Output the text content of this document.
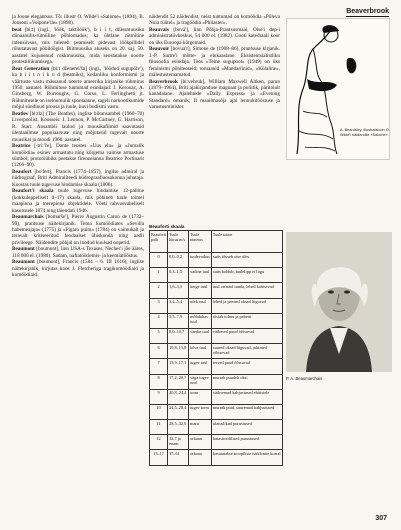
Beaverbrook

ja Joone elegantsus. Tõ: illustr O. Wilde'i «Salome» (1894), B. Jonsoni «Volpone'ile» (1898).

beat [bi:t] (ingl., 'löök, taktilöök'), b i i t, džässmuusika dünaamilis-rütmiline põhiomadus; ka ühtlane rütmiline intensiivsus, mis tuleneb peamiselt pidevast löökpillidel rõhutatavast põhilöögist. Biitmuusika aluseks on 20. saj. 50. aastatel kujunenud rokkmuusika, mida seostatakse noorte protestiliikumisega.

Beat Generation [bi:t dženerei'šn] (ingl., 'löödud sugupõlv'), ka b i i t n i k u d (beatniks), kodanliku konformismi ja väärtuste vastu mässanud noorte ameerika kirjanike rühmitus 1950. aastatel. Rühmituse tuntumad esindajad: J. Kerouac, A. Ginsberg, W. Burroughs, G. Corso, L. Ferlinghetti jt. Rühmitusele on iseloomulik spontaanne, sageli narkootikumide mõjul sündinud proosa ja luule, huvi budismi vastu.

Beatles [bi:tlz] (The Beatles), inglise biitansambel (1960–70) Liverpoolist. Koosseis: J. Lennon, P. McCartney, G. Harrison, R. Starr. Ansambli laulud ja muusikafilmid saavutasid ülemaailmse populaarsuse ning mõjutasid tugevalt noorte muusikat ja moodi 1960. aastatel.

Beatrice [-tri:'če], Dante teostes «Uus elu» ja «Jumalik komöödia» esinev armastatu ning kõrgema vaimse armastuse sümbol; prototüübiks peetakse firenzelanna Beatrice Portinarit (1266–90).

Beaufort [bo'fert], Francis (1774–1857), inglise admiral ja hüdrograaf, Briti Admiraliteedi hüdrograafiaosakonna juhataja. Koostas tuule tugevuse hindamise skaala (1806).

Beaufort'i skaala tuule tugevuse hindamise 12-palline (kokkuleppeliselt 0–17) skaala, mis põhineb tuule toimel maapinna ja merepinna objektidele. Võeti rahvusvaheliselt kasutusele 1874 ning täiendati 1946.

Beaumarchais [bomarše'], Pierre Augustin Caron de (1732–99), prantsuse näitekirjanik. Tema komöödiates «Sevilla habemeajaja» (1775) ja «Figaro pulm» (1784) on vaimukalt ja teravalt kritiseeritud feodaalset ühiskonda ning aadli privileege. Näidendite põhjal on loodud kuulsad ooperid.

Beaumont [boumont], linn USA-s Texases, Neches'i jõe ääres, 118 000 el. (1980). Sadam, naftatöötlemis- ja keemiatööstus.

Beaumont [boumont], Francis (1584 – 6. III 1616), inglise näitekirjanik, kirjutas koos J. Fletcheriga tragikomöödiaid ja komöödiaid.

näidendit 52 näidendist, neist tuntumad on komöödia «Põleva Nuia rüütel» ja tragöödia «Philaster».

Beauvais [bovä'], linn Põhja-Prantsusmaal, Oise'i dep-i administratiivkeskus, 54 000 el. (1982). Gooti katedraali koor on üks Euroopa kõrgemaid.

Beauvoir [bovua'r], Simone de (1908–86), prantsuse kirjanik. J.-P. Sartre'i mõtte- ja elukaaslane. Eksistentsialistliku filosoofia esindaja. Teos «Teine sugupool» (1949) on üks feminismi põhiteoseid; romaanid «Mandariinid», «Külaline», mälestusteraamatud.

Beaverbrook [bi:vebruk], William Maxwell Aitken, parun (1879–1964), Briti ajakirjanduse magnaat ja poliitik, päritolult kanadalane. Ajalehtede «Daily Express» ja «Evening Standard» omanik; II maailmasõja ajal lennukitööstuse ja varustusminister.

A. Beardsley. Illustratsioon O. Wilde'i näidendile «Salome».
P. A. Beaumarchais
Beauforti skaala
Beauforti palli	Tuule kiirus m/s	Tuule nimetus	Tuule toime
0	0,0–0,2	tuulevaikus	suits tõuseb otse üles
1	0,3–1,5	vaikne tuul	suits kaldub, tuulelipp ei liigu
2	1,6–3,3	kerge tuul	tuul on näol tunda, lehed kahisevad
3	3,4–5,4	nõrk tuul	lehed ja peened oksad liiguvad
4	5,5–7,9	mõõdukas tuul	tõstab tolmu ja paberit
5	8,0–10,7	värske tuul	väikesed puud õõtsuvad
6	10,8–13,8	kõva tuul	suured oksad liiguvad, juhtmed vihisevad
7	13,9–17,1	tugev tuul	terved puud õõtsuvad
8	17,2–20,7	väga tugev tuul	murrab puudelt oksi
9	20,8–24,4	torm	väiksemad kahjustused ehitistele
10	24,5–28,4	tugev torm	murrab puid, suuremad kahjustused
11	28,5–32,6	maru	ulatuslikud purustused
12	32,7 ja enam	orkaan	katastroofilised purustused
13–17	37–61	orkaan	kasutatakse troopiliste tsüklonite korral
307
